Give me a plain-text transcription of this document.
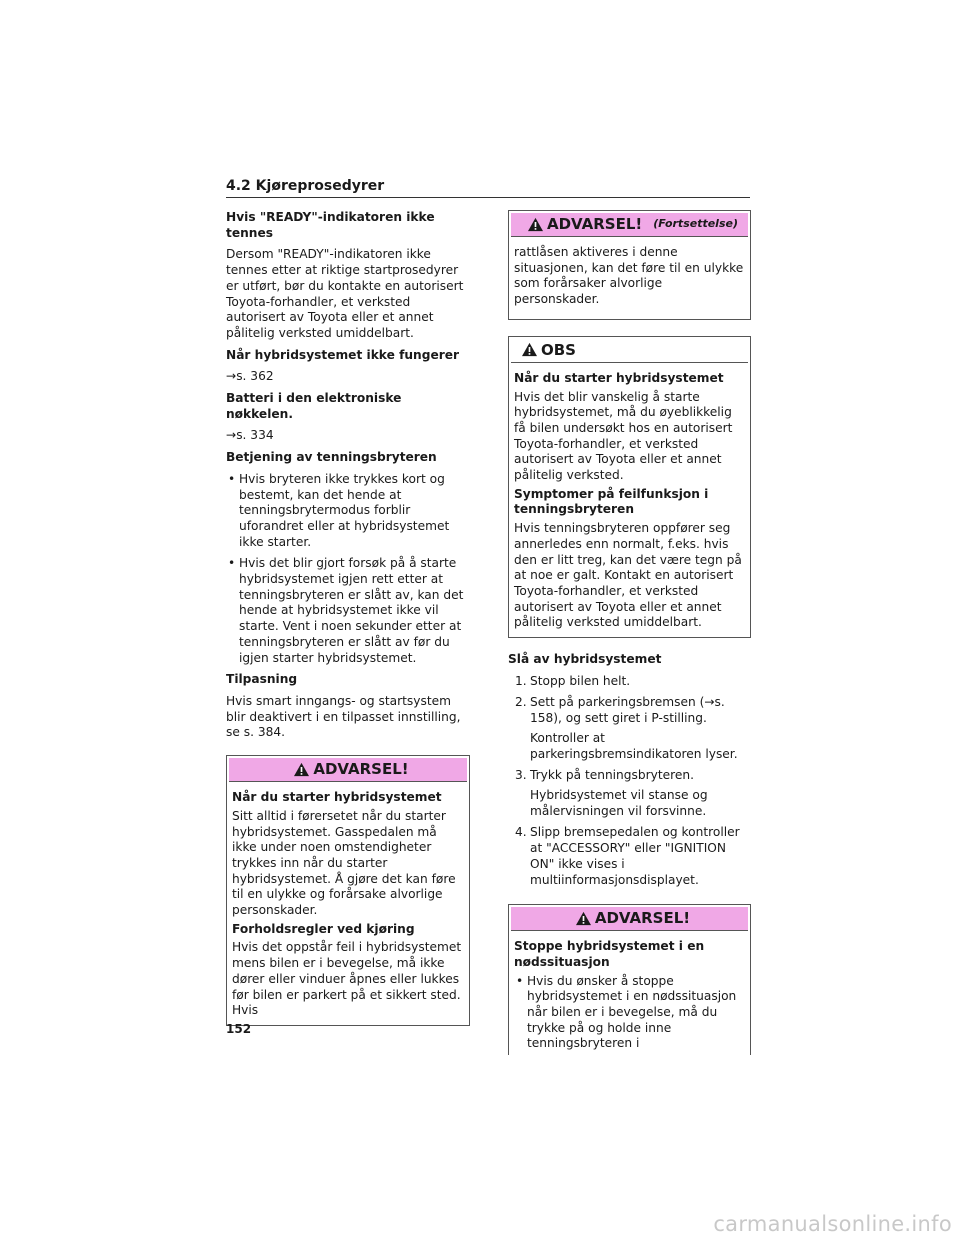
4.2 Kjøreprosedyrer
Hvis "READY"-indikatoren ikke tennes
Dersom "READY"-indikatoren ikke tennes etter at riktige startprosedyrer er utført, bør du kontakte en autorisert Toyota-forhandler, et verksted autorisert av Toyota eller et annet pålitelig verksted umiddelbart.
Når hybridsystemet ikke fungerer
→s. 362
Batteri i den elektroniske nøkkelen.
→s. 334
Betjening av tenningsbryteren
• Hvis bryteren ikke trykkes kort og bestemt, kan det hende at tenningsbrytermodus forblir uforandret eller at hybridsystemet ikke starter.
• Hvis det blir gjort forsøk på å starte hybridsystemet igjen rett etter at tenningsbryteren er slått av, kan det hende at hybridsystemet ikke vil starte. Vent i noen sekunder etter at tenningsbryteren er slått av før du igjen starter hybridsystemet.
Tilpasning
Hvis smart inngangs- og startsystem blir deaktivert i en tilpasset innstilling, se s. 384.
ADVARSEL!
Når du starter hybridsystemet
Sitt alltid i førersetet når du starter hybridsystemet. Gasspedalen må ikke under noen omstendigheter trykkes inn når du starter hybridsystemet. Å gjøre det kan føre til en ulykke og forårsake alvorlige personskader.
Forholdsregler ved kjøring
Hvis det oppstår feil i hybridsystemet mens bilen er i bevegelse, må ikke dører eller vinduer åpnes eller lukkes før bilen er parkert på et sikkert sted. Hvis
ADVARSEL! (Fortsettelse)
rattlåsen aktiveres i denne situasjonen, kan det føre til en ulykke som forårsaker alvorlige personskader.
OBS
Når du starter hybridsystemet
Hvis det blir vanskelig å starte hybridsystemet, må du øyeblikkelig få bilen undersøkt hos en autorisert Toyota-forhandler, et verksted autorisert av Toyota eller et annet pålitelig verksted.
Symptomer på feilfunksjon i tenningsbryteren
Hvis tenningsbryteren oppfører seg annerledes enn normalt, f.eks. hvis den er litt treg, kan det være tegn på at noe er galt. Kontakt en autorisert Toyota-forhandler, et verksted autorisert av Toyota eller et annet pålitelig verksted umiddelbart.
Slå av hybridsystemet
1. Stopp bilen helt.
2. Sett på parkeringsbremsen (→s. 158), og sett giret i P-stilling.
Kontroller at parkeringsbremsindikatoren lyser.
3. Trykk på tenningsbryteren.
Hybridsystemet vil stanse og målervisningen vil forsvinne.
4. Slipp bremsepedalen og kontroller at "ACCESSORY" eller "IGNITION ON" ikke vises i multiinformasjonsdisplayet.
ADVARSEL!
Stoppe hybridsystemet i en nødssituasjon
• Hvis du ønsker å stoppe hybridsystemet i en nødssituasjon når bilen er i bevegelse, må du trykke på og holde inne tenningsbryteren i
152
carmanualsonline.info
